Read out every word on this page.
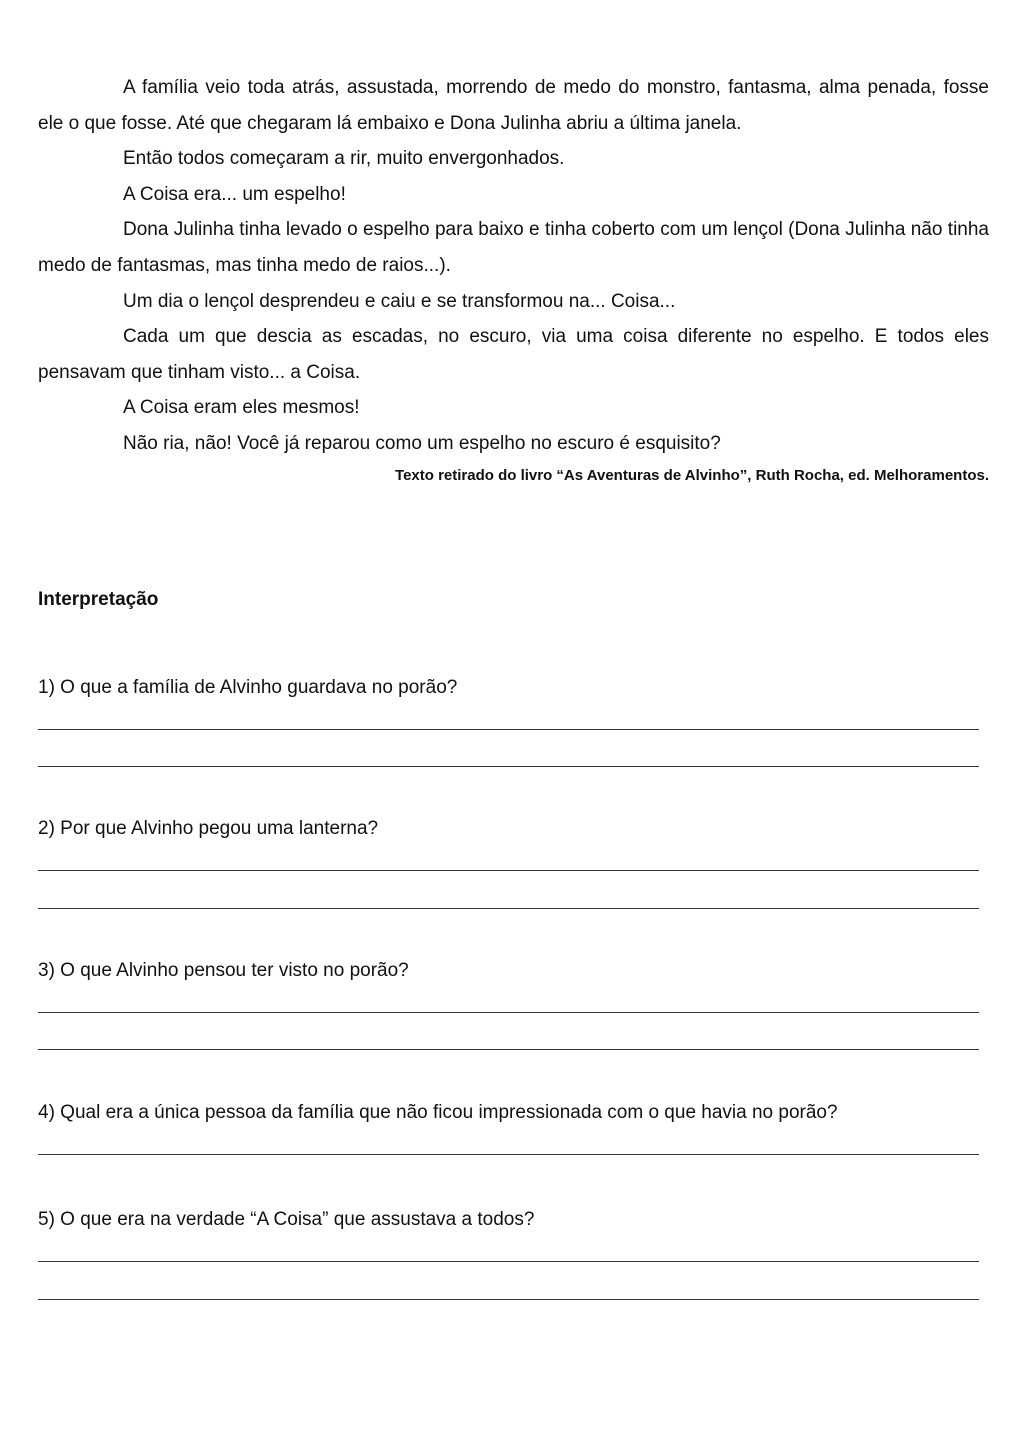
A família veio toda atrás, assustada, morrendo de medo do monstro, fantasma, alma penada, fosse ele o que fosse. Até que chegaram lá embaixo e Dona Julinha abriu a última janela.

Então todos começaram a rir, muito envergonhados.

A Coisa era... um espelho!

Dona Julinha tinha levado o espelho para baixo e tinha coberto com um lençol (Dona Julinha não tinha medo de fantasmas, mas tinha medo de raios...).

Um dia o lençol desprendeu e caiu e se transformou na... Coisa...

Cada um que descia as escadas, no escuro, via uma coisa diferente no espelho. E todos eles pensavam que tinham visto... a Coisa.

A Coisa eram eles mesmos!

Não ria, não! Você já reparou como um espelho no escuro é esquisito?

Texto retirado do livro “As Aventuras de Alvinho”, Ruth Rocha, ed. Melhoramentos.
Interpretação

1) O que a família de Alvinho guardava no porão?

2) Por que Alvinho pegou uma lanterna?

3) O que Alvinho pensou ter visto no porão?

4) Qual era a única pessoa da família que não ficou impressionada com o que havia no porão?

5) O que era na verdade “A Coisa” que assustava a todos?
